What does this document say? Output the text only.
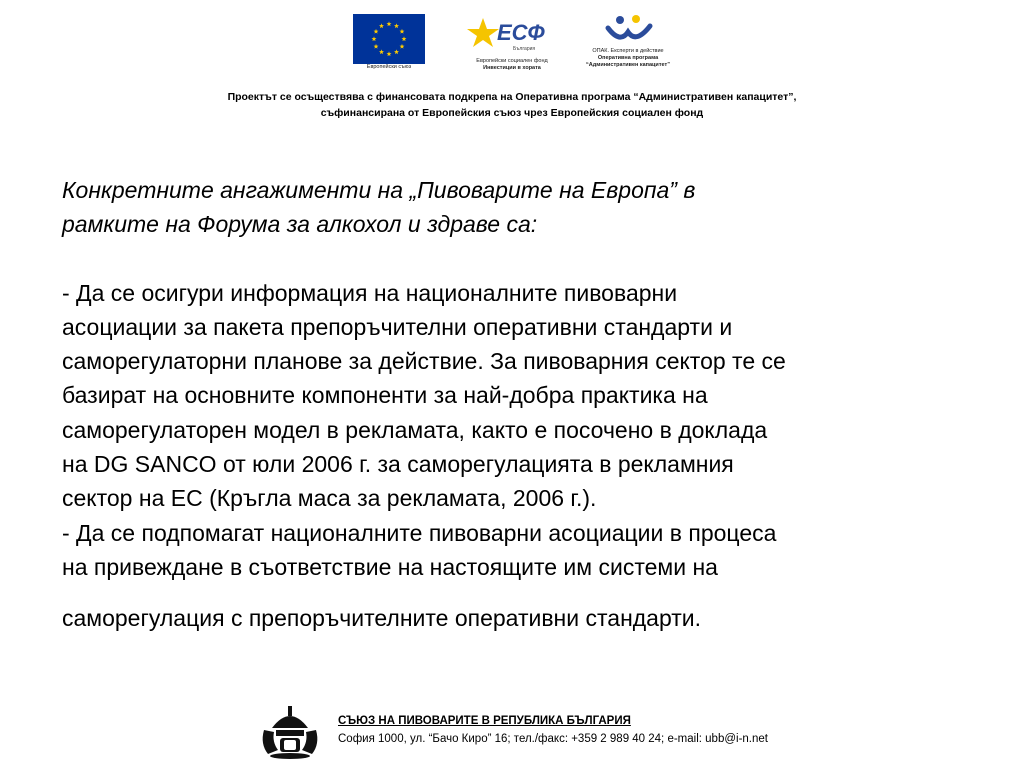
Европейски съюз
ЕСФ
България
Европейски социален фонд
Инвестиции в хората
ОПАК. Експерти в действие
Оперативна програма
“Административен капацитет”
Проектът се осъществява с финансовата подкрепа на Оперативна програма “Административен капацитет”,
съфинансирана от Европейския съюз чрез Европейския социален фонд
Конкретните ангажименти на „Пивоварите на Европа” в
рамките на Форума за алкохол и здраве са:
- Да се осигури информация на националните пивоварни
асоциации за пакета препоръчителни оперативни стандарти и
саморегулаторни планове за действие. За пивоварния сектор те се
базират на основните компоненти за най-добра практика на
саморегулаторен модел в рекламата, както е посочено в доклада
на DG SANCO от юли 2006 г. за саморегулацията в рекламния
сектор на ЕС (Кръгла маса за рекламата, 2006 г.).
- Да се подпомагат националните пивоварни асоциации в процеса
на привеждане в съответствие на настоящите им системи на
саморегулация с препоръчителните оперативни стандарти.
СЪЮЗ НА ПИВОВАРИТЕ В РЕПУБЛИКА БЪЛГАРИЯ
София 1000, ул. “Бачо Киро” 16; тел./факс: +359 2 989 40 24; e-mail: ubb@i-n.net
